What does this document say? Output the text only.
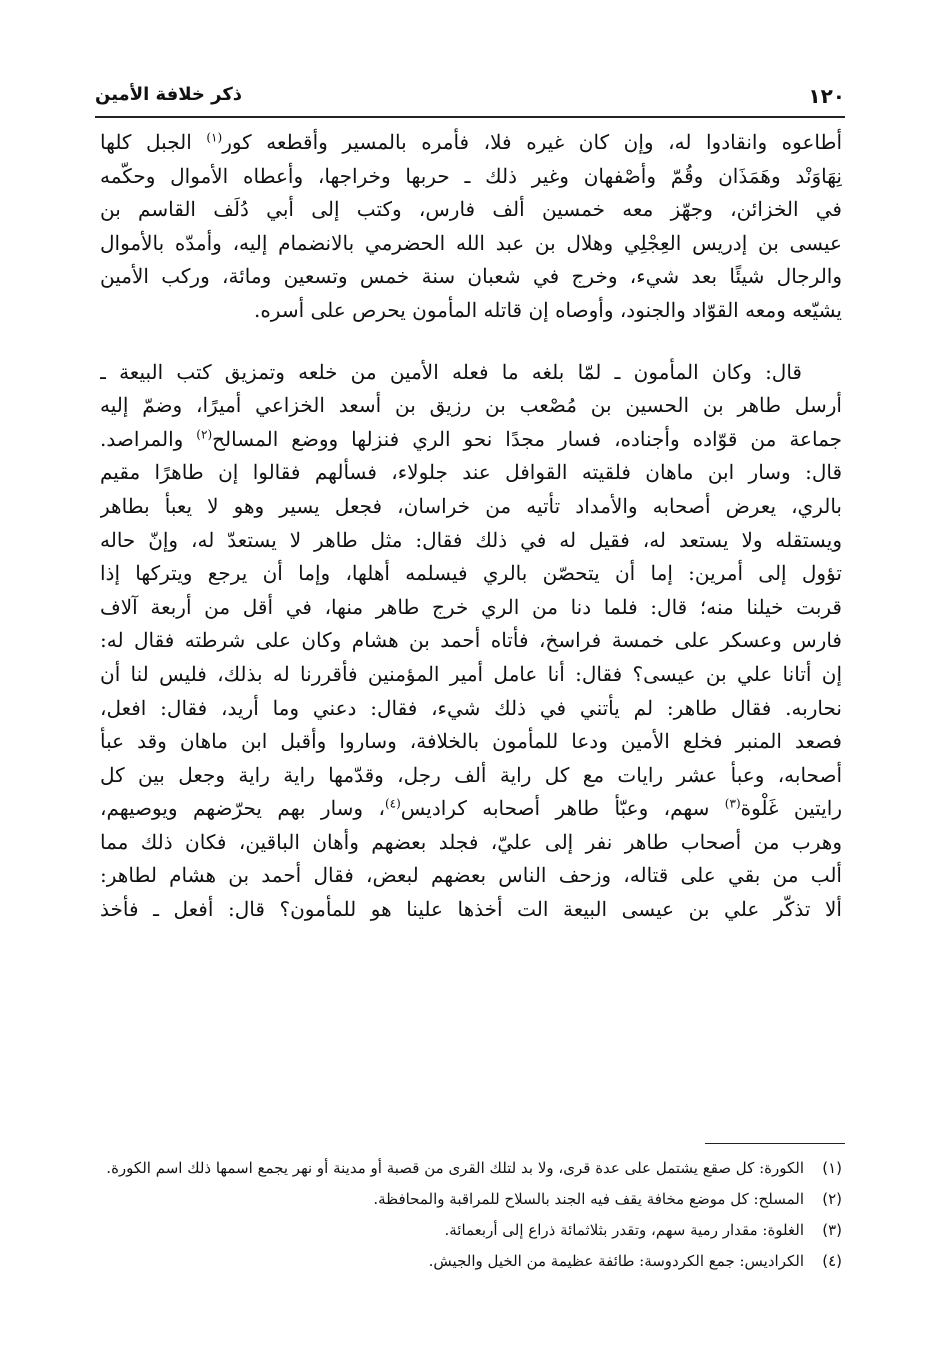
١٢٠
ذكر خلافة الأمين

أطاعوه وانقادوا له، وإن كان غيره فلا، فأمره بالمسير وأقطعه كور$^{(١)}$ الجبل كلها
نِهَاوَنْد وهَمَذَان وقُمّ وأصْفهان وغير ذلك ـ حربها وخراجها، وأعطاه الأموال وحكّمه
في الخزائن، وجهّز معه خمسين ألف فارس، وكتب إلى أبي دُلَف القاسم بن
عيسى بن إدريس العِجْلِي وهلال بن عبد الله الحضرمي بالانضمام إليه، وأمدّه بالأموال
والرجال شيئًا بعد شيء، وخرج في شعبان سنة خمس وتسعين ومائة، وركب الأمين
يشيّعه ومعه القوّاد والجنود، وأوصاه إن قاتله المأمون يحرص على أسره.

قال: وكان المأمون ـ لمّا بلغه ما فعله الأمين من خلعه وتمزيق كتب البيعة ـ
أرسل طاهر بن الحسين بن مُصْعب بن رزيق بن أسعد الخزاعي أميرًا، وضمّ إليه
جماعة من قوّاده وأجناده، فسار مجدًا نحو الري فنزلها ووضع المسالح$^{(٢)}$ والمراصد.
قال: وسار ابن ماهان فلقيته القوافل عند جلولاء، فسألهم فقالوا إن طاهرًا مقيم
بالري، يعرض أصحابه والأمداد تأتيه من خراسان، فجعل يسير وهو لا يعبأ بطاهر
ويستقله ولا يستعد له، فقيل له في ذلك فقال: مثل طاهر لا يستعدّ له، وإنّ حاله
تؤول إلى أمرين: إما أن يتحصّن بالري فيسلمه أهلها، وإما أن يرجع ويتركها إذا
قربت خيلنا منه؛ قال: فلما دنا من الري خرج طاهر منها، في أقل من أربعة آلاف
فارس وعسكر على خمسة فراسخ، فأتاه أحمد بن هشام وكان على شرطته فقال له:
إن أتانا علي بن عيسى؟ فقال: أنا عامل أمير المؤمنين فأقررنا له بذلك، فليس لنا أن
نحاربه. فقال طاهر: لم يأتني في ذلك شيء، فقال: دعني وما أريد، فقال: افعل،
فصعد المنبر فخلع الأمين ودعا للمأمون بالخلافة، وساروا وأقبل ابن ماهان وقد عبأ
أصحابه، وعبأ عشر رايات مع كل راية ألف رجل، وقدّمها راية راية وجعل بين كل
رايتين غَلْوة$^{(٣)}$ سهم، وعبّأ طاهر أصحابه كراديس$^{(٤)}$، وسار بهم يحرّضهم ويوصيهم،
وهرب من أصحاب طاهر نفر إلى عليّ، فجلد بعضهم وأهان الباقين، فكان ذلك مما
ألب من بقي على قتاله، وزحف الناس بعضهم لبعض، فقال أحمد بن هشام لطاهر:
ألا تذكّر علي بن عيسى البيعة الت أخذها علينا هو للمأمون؟ قال: أفعل ـ فأخذ

(١)
الكورة: كل صقع يشتمل على عدة قرى، ولا بد لتلك القرى من قصبة أو مدينة أو نهر يجمع اسمها ذلك اسم الكورة.
(٢)
المسلح: كل موضع مخافة يقف فيه الجند بالسلاح للمراقبة والمحافظة.
(٣)
الغلوة: مقدار رمية سهم، وتقدر بثلاثمائة ذراع إلى أربعمائة.
(٤)
الكراديس: جمع الكردوسة: طائفة عظيمة من الخيل والجيش.
